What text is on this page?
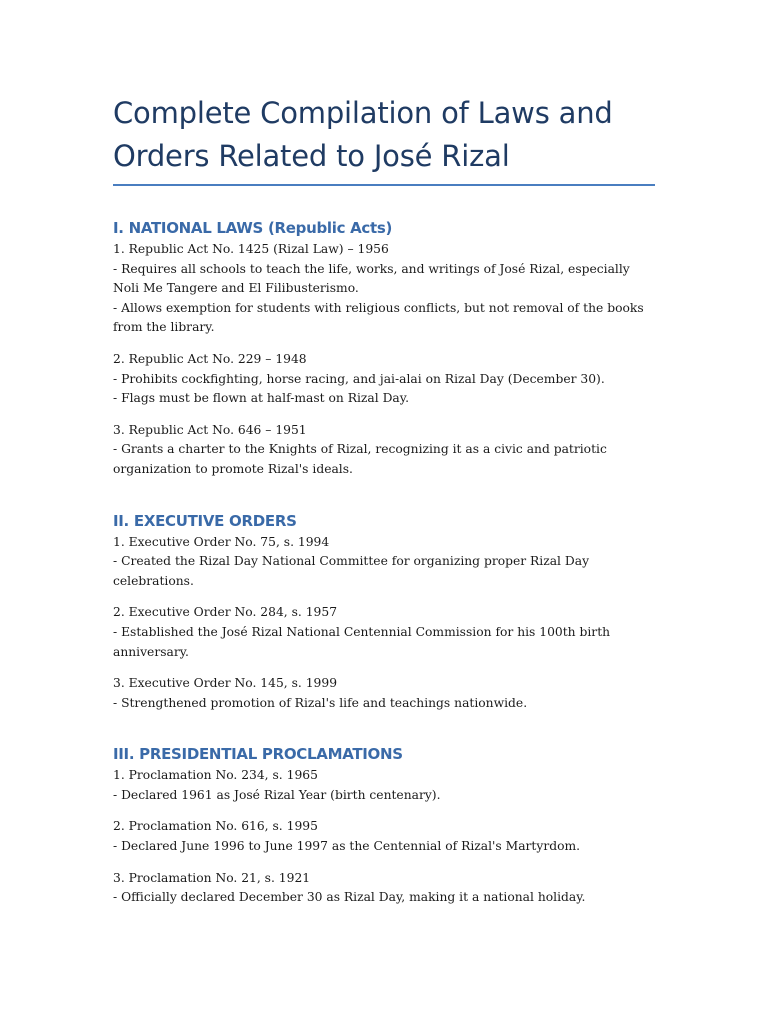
Complete Compilation of Laws and Orders Related to José Rizal
I. NATIONAL LAWS (Republic Acts)

1. Republic Act No. 1425 (Rizal Law) – 1956

- Requires all schools to teach the life, works, and writings of José Rizal, especially Noli Me Tangere and El Filibusterismo.

- Allows exemption for students with religious conflicts, but not removal of the books from the library.

2. Republic Act No. 229 – 1948

- Prohibits cockfighting, horse racing, and jai-alai on Rizal Day (December 30).

- Flags must be flown at half-mast on Rizal Day.

3. Republic Act No. 646 – 1951

- Grants a charter to the Knights of Rizal, recognizing it as a civic and patriotic organization to promote Rizal's ideals.

II. EXECUTIVE ORDERS

1. Executive Order No. 75, s. 1994

- Created the Rizal Day National Committee for organizing proper Rizal Day celebrations.

2. Executive Order No. 284, s. 1957

- Established the José Rizal National Centennial Commission for his 100th birth anniversary.

3. Executive Order No. 145, s. 1999

- Strengthened promotion of Rizal's life and teachings nationwide.

III. PRESIDENTIAL PROCLAMATIONS

1. Proclamation No. 234, s. 1965

- Declared 1961 as José Rizal Year (birth centenary).

2. Proclamation No. 616, s. 1995

- Declared June 1996 to June 1997 as the Centennial of Rizal's Martyrdom.

3. Proclamation No. 21, s. 1921

- Officially declared December 30 as Rizal Day, making it a national holiday.
